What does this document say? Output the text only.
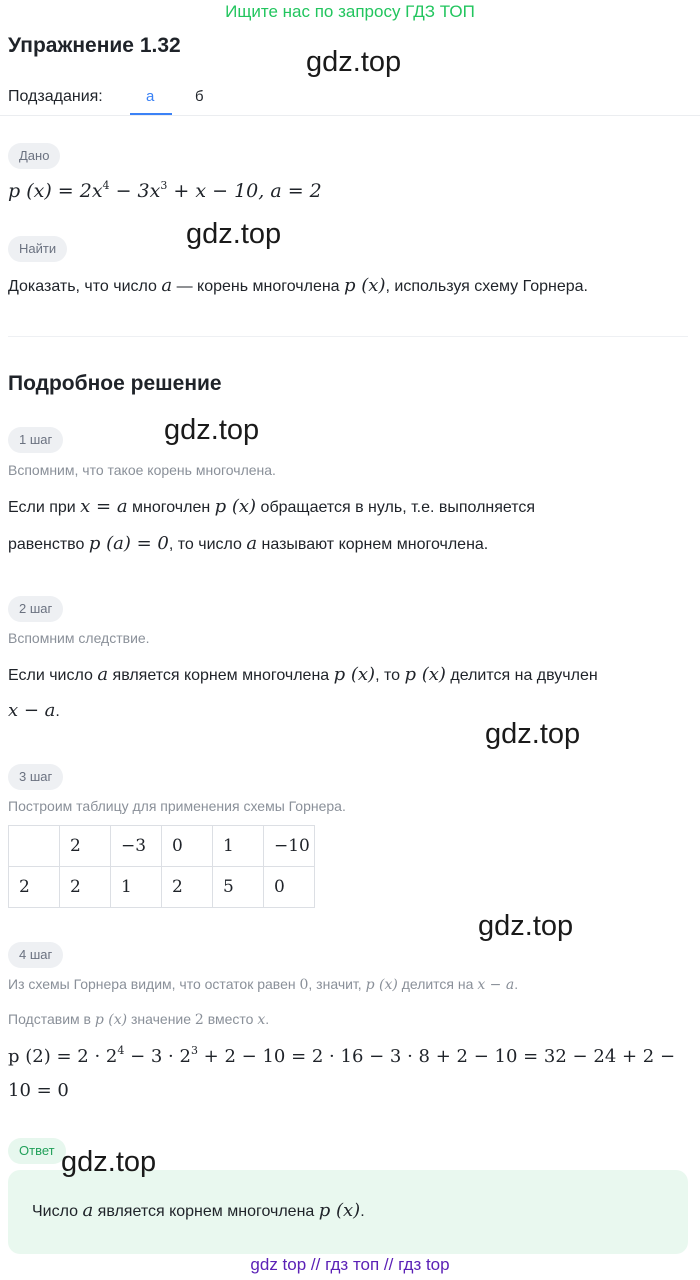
Ищите нас по запросу ГДЗ ТОП
Упражнение 1.32
gdz.top
Подзадания:	а	б
Дано
p $(x) = 2x^4 - 3x^3 + x - 10$, a = 2
gdz.top
Найти
Доказать, что число a — корень многочлена p (x), используя схему Горнера.
Подробное решение
1 шаг	gdz.top
Вспомним, что такое корень многочлена.
Если при x = a многочлен p (x) обращается в нуль, т.е. выполняется
равенство p (a) = 0, то число a называют корнем многочлена.
2 шаг
Вспомним следствие.
Если число a является корнем многочлена p (x), то p (x) делится на двучлен
x − a.
gdz.top
3 шаг
Построим таблицу для применения схемы Горнера.
	2	−3	0	1	−10
2	2	1	2	5	0
gdz.top
4 шаг
Из схемы Горнера видим, что остаток равен 0, значит, p (x) делится на x − a.
Подставим в p (x) значение 2 вместо x.
p $(2) = 2 \cdot 2^4 - 3 \cdot 2^3 + 2 - 10 = 2 \cdot 16 - 3 \cdot 8 + 2 - 10 = 32 - 24 + 2$ −
10 = 0
Ответ
Число a является корнем многочлена p (x).
gdz.top
gdz top // гдз топ // гдз top
